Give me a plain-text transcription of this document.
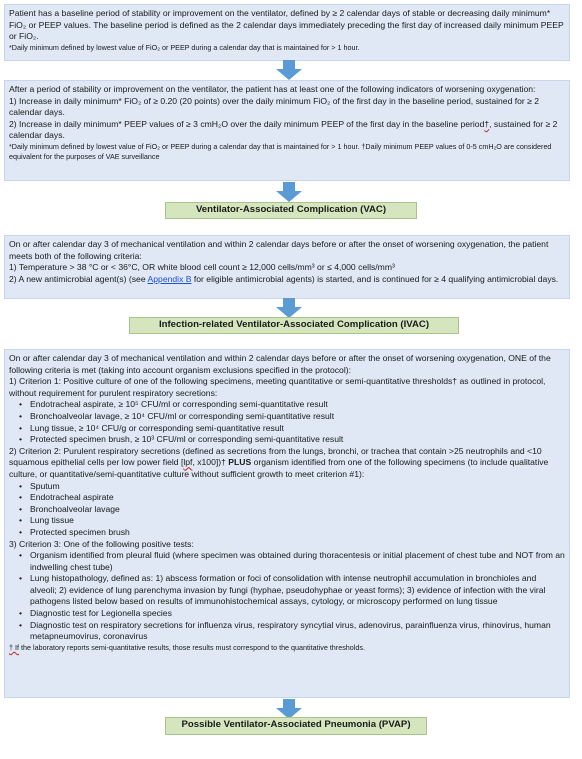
Patient has a baseline period of stability or improvement on the ventilator, defined by ≥ 2 calendar days of stable or decreasing daily minimum* FiO₂ or PEEP values. The baseline period is defined as the 2 calendar days immediately preceding the first day of increased daily minimum PEEP or FiO₂.

*Daily minimum defined by lowest value of FiO₂ or PEEP during a calendar day that is maintained for > 1 hour.

After a period of stability or improvement on the ventilator, the patient has at least one of the following indicators of worsening oxygenation:

1) Increase in daily minimum* FiO₂ of ≥ 0.20 (20 points) over the daily minimum FiO₂ of the first day in the baseline period, sustained for ≥ 2 calendar days.

2) Increase in daily minimum* PEEP values of ≥ 3 cmH₂O over the daily minimum PEEP of the first day in the baseline period†, sustained for ≥ 2 calendar days.

*Daily minimum defined by lowest value of FiO₂ or PEEP during a calendar day that is maintained for > 1 hour. †Daily minimum PEEP values of 0-5 cmH₂O are considered equivalent for the purposes of VAE surveillance

Ventilator-Associated Complication (VAC)

On or after calendar day 3 of mechanical ventilation and within 2 calendar days before or after the onset of worsening oxygenation, the patient meets both of the following criteria:

1) Temperature > 38 °C or < 36°C, OR white blood cell count ≥ 12,000 cells/mm³ or ≤ 4,000 cells/mm³

2) A new antimicrobial agent(s) (see Appendix B for eligible antimicrobial agents) is started, and is continued for ≥ 4 qualifying antimicrobial days.

Infection-related Ventilator-Associated Complication (IVAC)

On or after calendar day 3 of mechanical ventilation and within 2 calendar days before or after the onset of worsening oxygenation, ONE of the following criteria is met (taking into account organism exclusions specified in the protocol):

1) Criterion 1: Positive culture of one of the following specimens, meeting quantitative or semi-quantitative thresholds† as outlined in protocol, without requirement for purulent respiratory secretions:

• Endotracheal aspirate, ≥ 10⁵ CFU/ml or corresponding semi-quantitative result

• Bronchoalveolar lavage, ≥ 10⁴ CFU/ml or corresponding semi-quantitative result

• Lung tissue, ≥ 10⁴ CFU/g or corresponding semi-quantitative result

• Protected specimen brush, ≥ 10³ CFU/ml or corresponding semi-quantitative result

2) Criterion 2: Purulent respiratory secretions (defined as secretions from the lungs, bronchi, or trachea that contain >25 neutrophils and <10 squamous epithelial cells per low power field [lpf, x100])† PLUS organism identified from one of the following specimens (to include qualitative culture, or quantitative/semi-quantitative culture without sufficient growth to meet criterion #1):

• Sputum

• Endotracheal aspirate

• Bronchoalveolar lavage

• Lung tissue

• Protected specimen brush

3) Criterion 3: One of the following positive tests:

• Organism identified from pleural fluid (where specimen was obtained during thoracentesis or initial placement of chest tube and NOT from an indwelling chest tube)

• Lung histopathology, defined as: 1) abscess formation or foci of consolidation with intense neutrophil accumulation in bronchioles and alveoli; 2) evidence of lung parenchyma invasion by fungi (hyphae, pseudohyphae or yeast forms); 3) evidence of infection with the viral pathogens listed below based on results of immunohistochemical assays, cytology, or microscopy performed on lung tissue

• Diagnostic test for Legionella species

• Diagnostic test on respiratory secretions for influenza virus, respiratory syncytial virus, adenovirus, parainfluenza virus, rhinovirus, human metapneumovirus, coronavirus

† If the laboratory reports semi-quantitative results, those results must correspond to the quantitative thresholds.

Possible Ventilator-Associated Pneumonia (PVAP)
